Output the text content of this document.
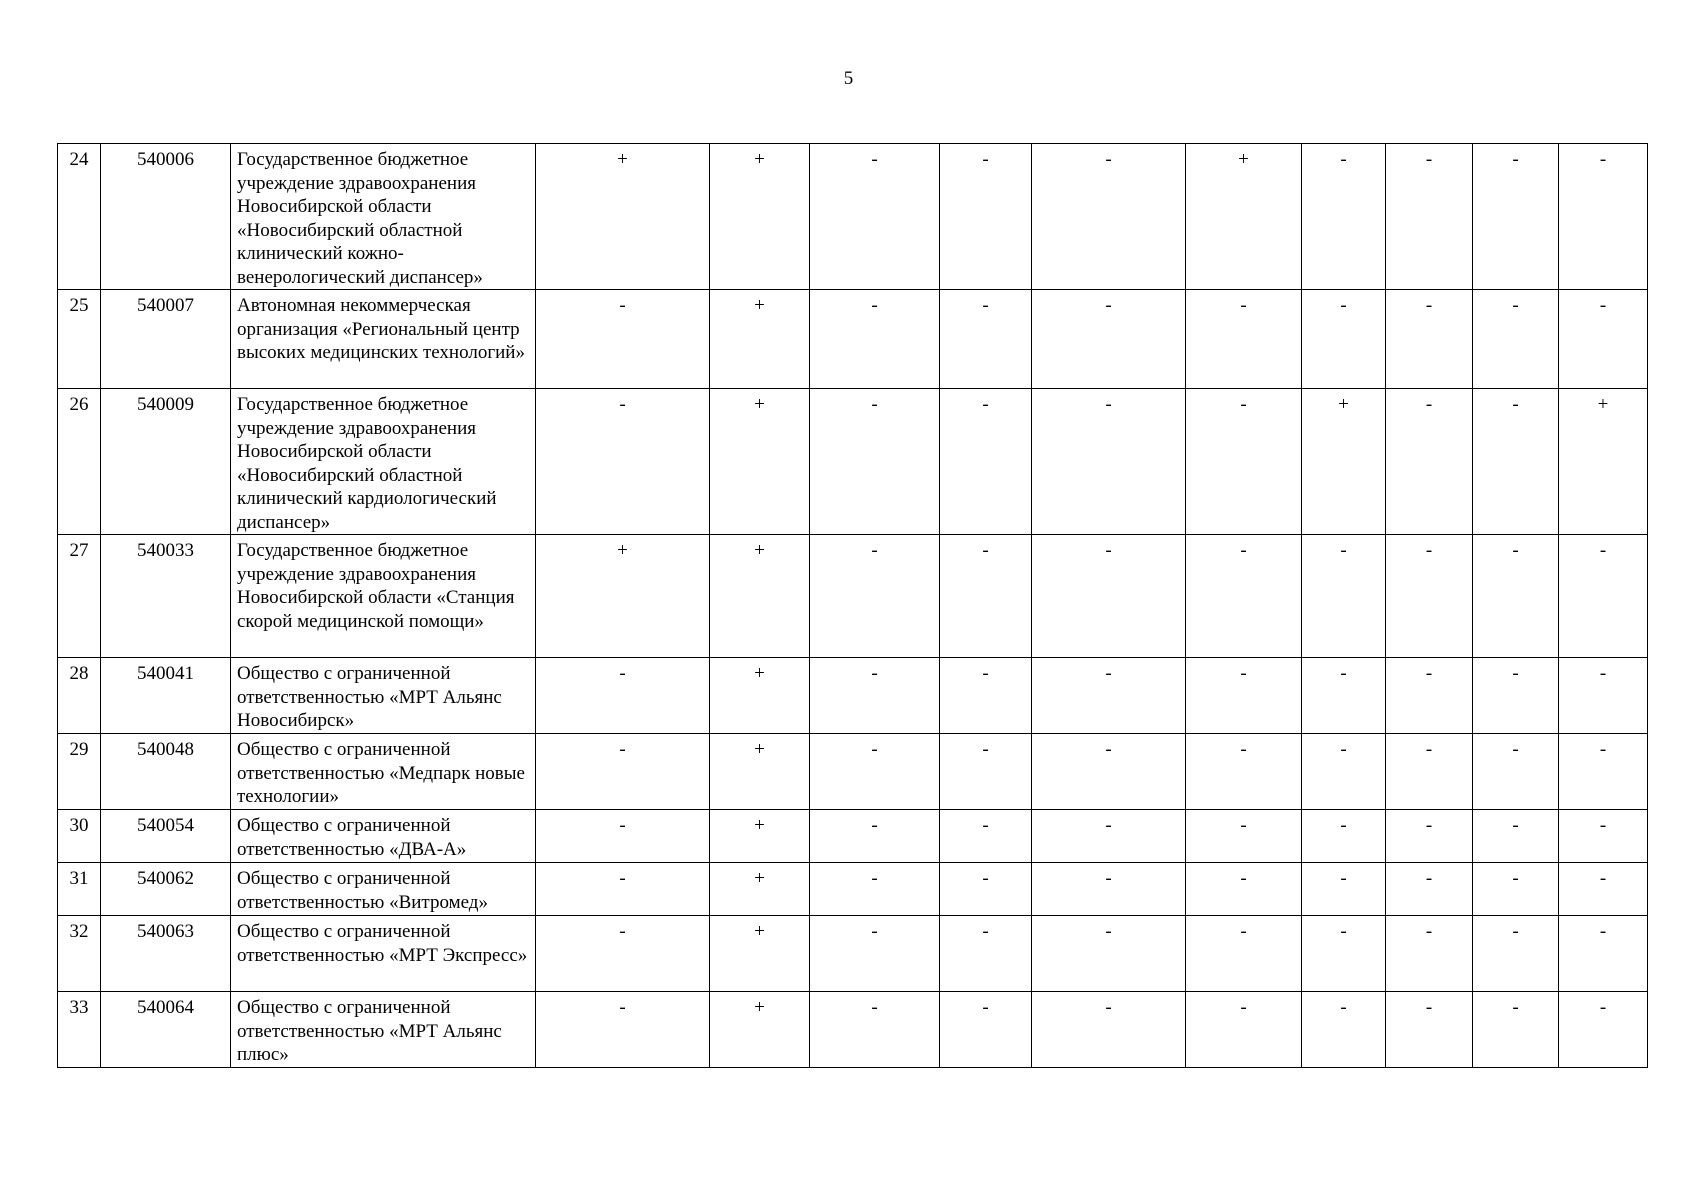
5
24	540006	Государственное бюджетное учреждение здравоохранения Новосибирской области «Новосибирский областной клинический кожно-венерологический диспансер»	+	+	-	-	-	+	-	-	-	-
25	540007	Автономная некоммерческая организация «Региональный центр высоких медицинских технологий»	-	+	-	-	-	-	-	-	-	-
26	540009	Государственное бюджетное учреждение здравоохранения Новосибирской области «Новосибирский областной клинический кардиологический диспансер»	-	+	-	-	-	-	+	-	-	+
27	540033	Государственное бюджетное учреждение здравоохранения Новосибирской области «Станция скорой медицинской помощи»	+	+	-	-	-	-	-	-	-	-
28	540041	Общество с ограниченной ответственностью «МРТ Альянс Новосибирск»	-	+	-	-	-	-	-	-	-	-
29	540048	Общество с ограниченной ответственностью «Медпарк новые технологии»	-	+	-	-	-	-	-	-	-	-
30	540054	Общество с ограниченной ответственностью «ДВА-А»	-	+	-	-	-	-	-	-	-	-
31	540062	Общество с ограниченной ответственностью «Витромед»	-	+	-	-	-	-	-	-	-	-
32	540063	Общество с ограниченной ответственностью «МРТ Экспресс»	-	+	-	-	-	-	-	-	-	-
33	540064	Общество с ограниченной ответственностью «МРТ Альянс плюс»	-	+	-	-	-	-	-	-	-	-
